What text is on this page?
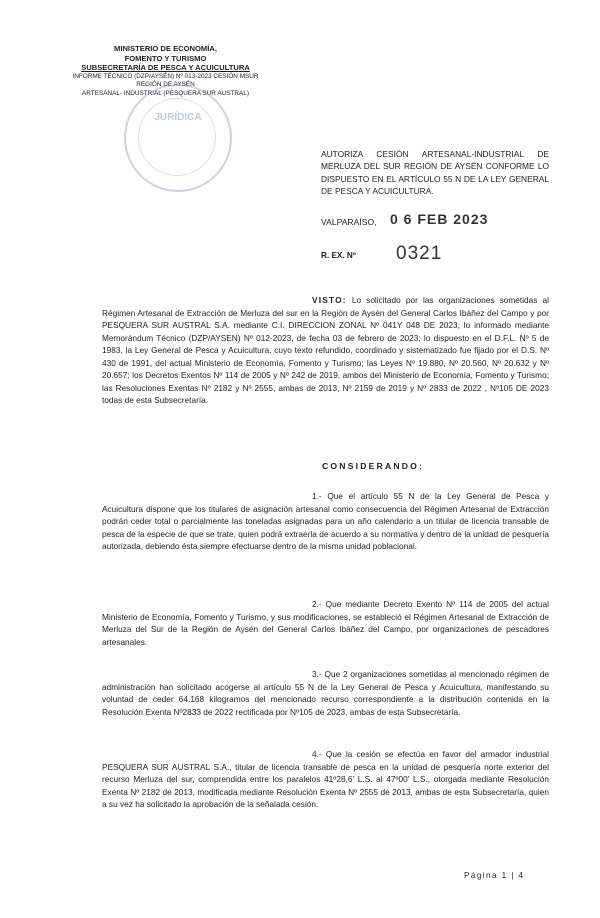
MINISTERIO DE ECONOMÍA,
FOMENTO Y TURISMO
SUBSECRETARÍA DE PESCA Y ACUICULTURA
INFORME TÉCNICO (DZP/AYSÉN) Nº 013-2023 CESIÓN MSUR
REGIÓN DE AYSÉN
ARTESANAL- INDUSTRIAL (PESQUERA SUR AUSTRAL)
JURÍDICA
AUTORIZA CESIÓN ARTESANAL-INDUSTRIAL DE MERLUZA DEL SUR REGIÓN DE AYSÉN CONFORME LO DISPUESTO EN EL ARTÍCULO 55 N DE LA LEY GENERAL DE PESCA Y ACUICULTURA.
VALPARAÍSO, 0 6 FEB 2023
R. EX. Nº 0321
VISTO: Lo solicitado por las organizaciones sometidas al Régimen Artesanal de Extracción de Merluza del sur en la Región de Aysén del General Carlos Ibáñez del Campo y por PESQUERA SUR AUSTRAL S.A. mediante C.I. DIRECCION ZONAL Nº 041Y 048 DE 2023; lo informado mediante Memorándum Técnico (DZP/AYSEN) Nº 012-2023, de fecha 03 de febrero de 2023; lo dispuesto en el D.F.L. Nº 5 de 1983, la Ley General de Pesca y Acuicultura, cuyo texto refundido, coordinado y sistematizado fue fijado por el D.S. Nº 430 de 1991, del actual Ministerio de Economía, Fomento y Turismo; las Leyes Nº 19.880, Nº 20.560, Nº 20.632 y Nº 20.657; los Decretos Exentos Nº 114 de 2005 y Nº 242 de 2019, ambos del Ministerio de Economía, Fomento y Turismo; las Resoluciones Exentas Nº 2182 y Nº 2555, ambas de 2013, Nº 2159 de 2019 y Nº 2833 de 2022 , Nº105 DE 2023 todas de esta Subsecretaría.
CONSIDERANDO:
1.- Que el artículo 55 N de la Ley General de Pesca y Acuicultura dispone que los titulares de asignación artesanal como consecuencia del Régimen Artesanal de Extracción podrán ceder total o parcialmente las toneladas asignadas para un año calendario a un titular de licencia transable de pesca de la especie de que se trate, quien podrá extraerla de acuerdo a su normativa y dentro de la unidad de pesquería autorizada, debiendo ésta siempre efectuarse dentro de la misma unidad poblacional.
2.- Que mediante Decreto Exento Nº 114 de 2005 del actual Ministerio de Economía, Fomento y Turismo, y sus modificaciones, se estableció el Régimen Artesanal de Extracción de Merluza del Sur de la Región de Aysén del General Carlos Ibáñez del Campo, por organizaciones de pescadores artesanales.
3.- Que 2 organizaciones sometidas al mencionado régimen de administración han solicitado acogerse al artículo 55 N de la Ley General de Pesca y Acuicultura, manifestando su voluntad de ceder 64.168 kilogramos del mencionado recurso correspondiente a la distribución contenida en la Resolución Exenta Nº2833 de 2022 rectificada por Nº105 de 2023, ambas de esta Subsecretaría.
4.- Que la cesión se efectúa en favor del armador industrial PESQUERA SUR AUSTRAL S.A., titular de licencia transable de pesca en la unidad de pesquería norte exterior del recurso Merluza del sur, comprendida entre los paralelos 41º28,6' L.S. al 47º00' L.S., otorgada mediante Resolución Exenta Nº 2182 de 2013, modificada mediante Resolución Exenta Nº 2555 de 2013, ambas de esta Subsecretaría, quien a su vez ha solicitado la aprobación de la señalada cesión.
Página 1 | 4
